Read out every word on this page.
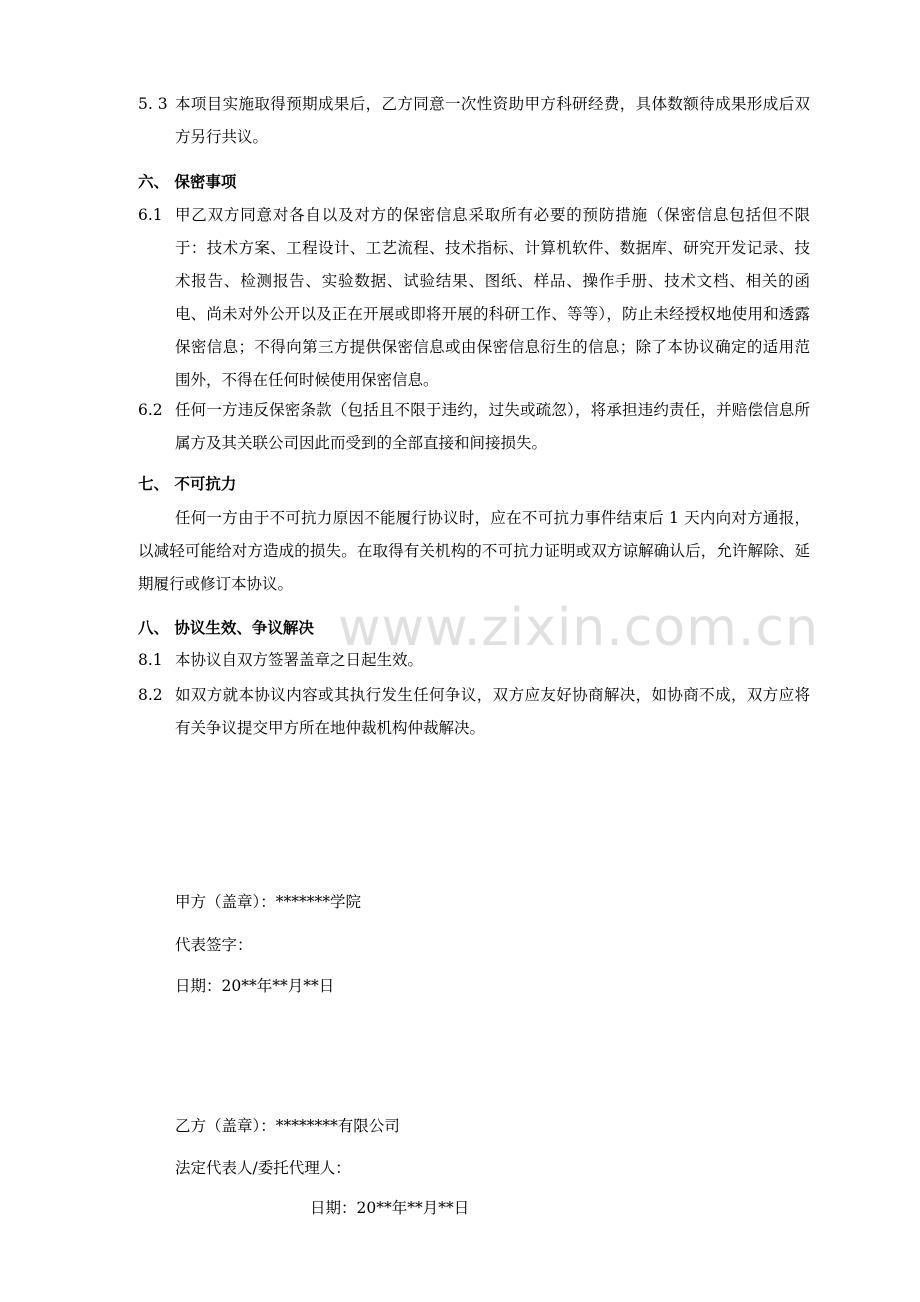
5. 3 本项目实施取得预期成果后，乙方同意一次性资助甲方科研经费，具体数额待成果形成后双方另行共议。
六、 保密事项
6.1 甲乙双方同意对各自以及对方的保密信息采取所有必要的预防措施（保密信息包括但不限于：技术方案、工程设计、工艺流程、技术指标、计算机软件、数据库、研究开发记录、技术报告、检测报告、实验数据、试验结果、图纸、样品、操作手册、技术文档、相关的函电、尚未对外公开以及正在开展或即将开展的科研工作、等等），防止未经授权地使用和透露保密信息；不得向第三方提供保密信息或由保密信息衍生的信息；除了本协议确定的适用范围外，不得在任何时候使用保密信息。
6.2 任何一方违反保密条款（包括且不限于违约，过失或疏忽），将承担违约责任，并赔偿信息所属方及其关联公司因此而受到的全部直接和间接损失。
七、 不可抗力
任何一方由于不可抗力原因不能履行协议时，应在不可抗力事件结束后 1 天内向对方通报，以减轻可能给对方造成的损失。在取得有关机构的不可抗力证明或双方谅解确认后，允许解除、延期履行或修订本协议。
www.zixin.com.cn
八、 协议生效、争议解决
8.1 本协议自双方签署盖章之日起生效。
8.2 如双方就本协议内容或其执行发生任何争议，双方应友好协商解决，如协商不成，双方应将有关争议提交甲方所在地仲裁机构仲裁解决。
甲方（盖章）：*******学院
代表签字：
日期：20**年**月**日
乙方（盖章）：********有限公司
法定代表人/委托代理人：
日期：20**年**月**日
